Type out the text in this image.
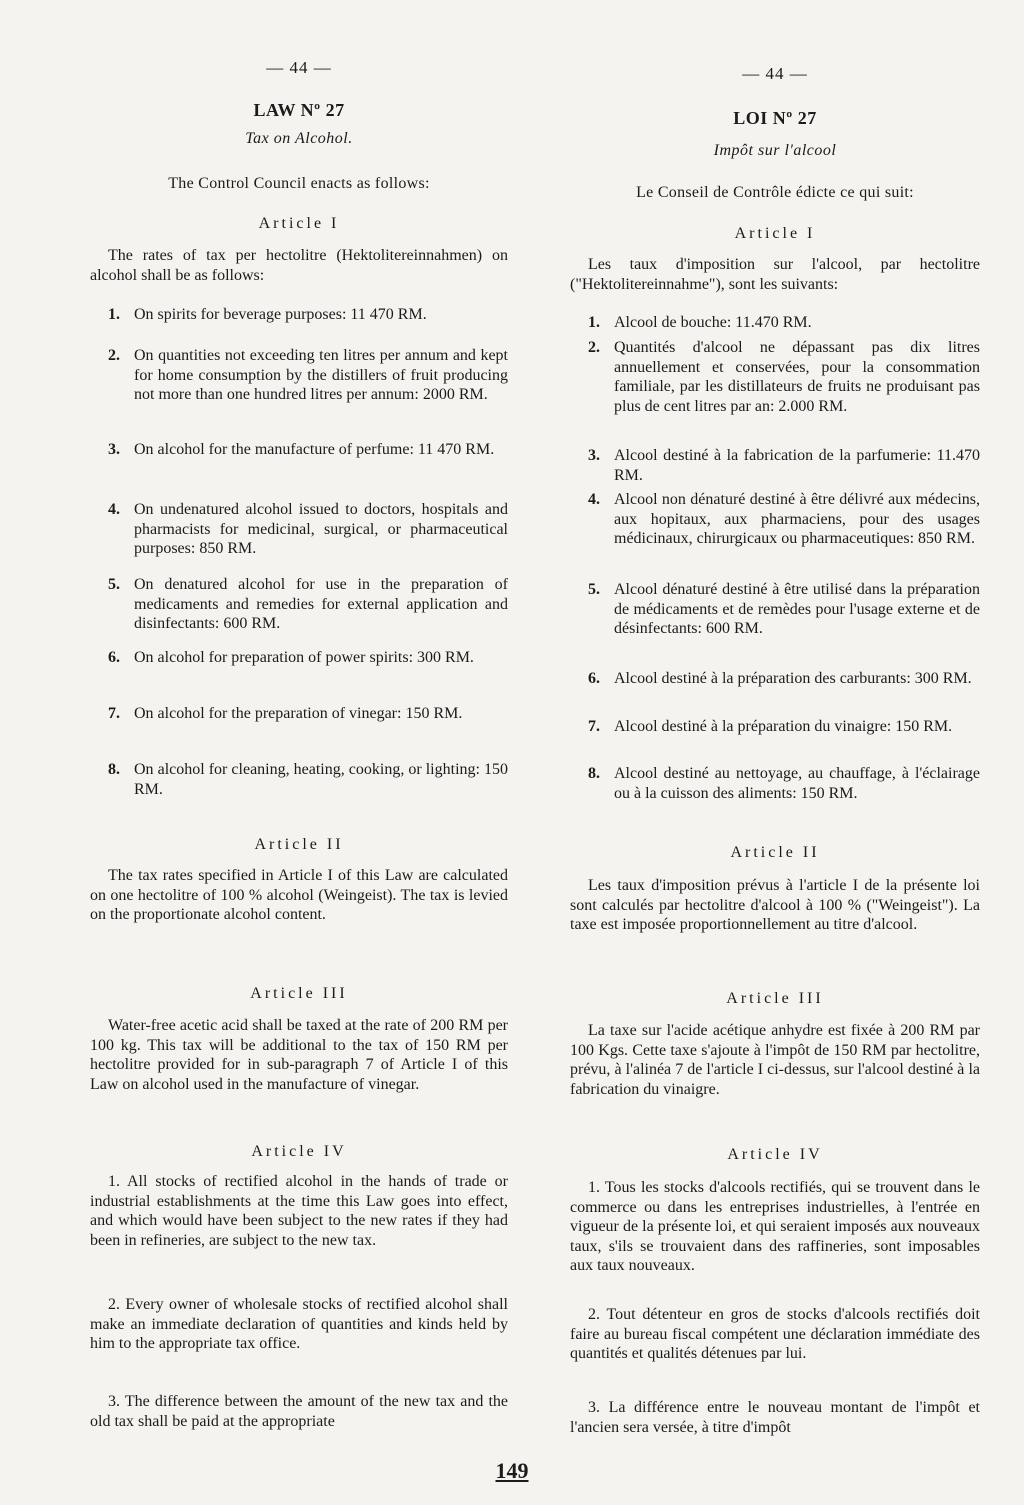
— 44 —
LAW Nº 27
Tax on Alcohol.
The Control Council enacts as follows:
Article I

The rates of tax per hectolitre (Hektolitereinnahmen) on alcohol shall be as follows:

1. On spirits for beverage purposes: 11 470 RM.
2. On quantities not exceeding ten litres per annum and kept for home consumption by the distillers of fruit producing not more than one hundred litres per annum: 2000 RM.
3. On alcohol for the manufacture of perfume: 11 470 RM.
4. On undenatured alcohol issued to doctors, hospitals and pharmacists for medicinal, surgical, or pharmaceutical purposes: 850 RM.
5. On denatured alcohol for use in the preparation of medicaments and remedies for external application and disinfectants: 600 RM.
6. On alcohol for preparation of power spirits: 300 RM.
7. On alcohol for the preparation of vinegar: 150 RM.
8. On alcohol for cleaning, heating, cooking, or lighting: 150 RM.
Article II

The tax rates specified in Article I of this Law are calculated on one hectolitre of 100 % alcohol (Weingeist). The tax is levied on the proportionate alcohol content.

Article III

Water-free acetic acid shall be taxed at the rate of 200 RM per 100 kg. This tax will be additional to the tax of 150 RM per hectolitre provided for in sub-paragraph 7 of Article I of this Law on alcohol used in the manufacture of vinegar.

Article IV

1. All stocks of rectified alcohol in the hands of trade or industrial establishments at the time this Law goes into effect, and which would have been subject to the new rates if they had been in refineries, are subject to the new tax.

2. Every owner of wholesale stocks of rectified alcohol shall make an immediate declaration of quantities and kinds held by him to the appropriate tax office.

3. The difference between the amount of the new tax and the old tax shall be paid at the appropriate

— 44 —
LOI Nº 27
Impôt sur l'alcool
Le Conseil de Contrôle édicte ce qui suit:
Article I

Les taux d'imposition sur l'alcool, par hectolitre ("Hektolitereinnahme"), sont les suivants:

1. Alcool de bouche: 11.470 RM.
2. Quantités d'alcool ne dépassant pas dix litres annuellement et conservées, pour la consommation familiale, par les distillateurs de fruits ne produisant pas plus de cent litres par an: 2.000 RM.
3. Alcool destiné à la fabrication de la parfumerie: 11.470 RM.
4. Alcool non dénaturé destiné à être délivré aux médecins, aux hopitaux, aux pharmaciens, pour des usages médicinaux, chirurgicaux ou pharmaceutiques: 850 RM.
5. Alcool dénaturé destiné à être utilisé dans la préparation de médicaments et de remèdes pour l'usage externe et de désinfectants: 600 RM.
6. Alcool destiné à la préparation des carburants: 300 RM.
7. Alcool destiné à la préparation du vinaigre: 150 RM.
8. Alcool destiné au nettoyage, au chauffage, à l'éclairage ou à la cuisson des aliments: 150 RM.
Article II

Les taux d'imposition prévus à l'article I de la présente loi sont calculés par hectolitre d'alcool à 100 % ("Weingeist"). La taxe est imposée proportionnellement au titre d'alcool.

Article III

La taxe sur l'acide acétique anhydre est fixée à 200 RM par 100 Kgs. Cette taxe s'ajoute à l'impôt de 150 RM par hectolitre, prévu, à l'alinéa 7 de l'article I ci-dessus, sur l'alcool destiné à la fabrication du vinaigre.

Article IV

1. Tous les stocks d'alcools rectifiés, qui se trouvent dans le commerce ou dans les entreprises industrielles, à l'entrée en vigueur de la présente loi, et qui seraient imposés aux nouveaux taux, s'ils se trouvaient dans des raffineries, sont imposables aux taux nouveaux.

2. Tout détenteur en gros de stocks d'alcools rectifiés doit faire au bureau fiscal compétent une déclaration immédiate des quantités et qualités détenues par lui.

3. La différence entre le nouveau montant de l'impôt et l'ancien sera versée, à titre d'impôt

149
